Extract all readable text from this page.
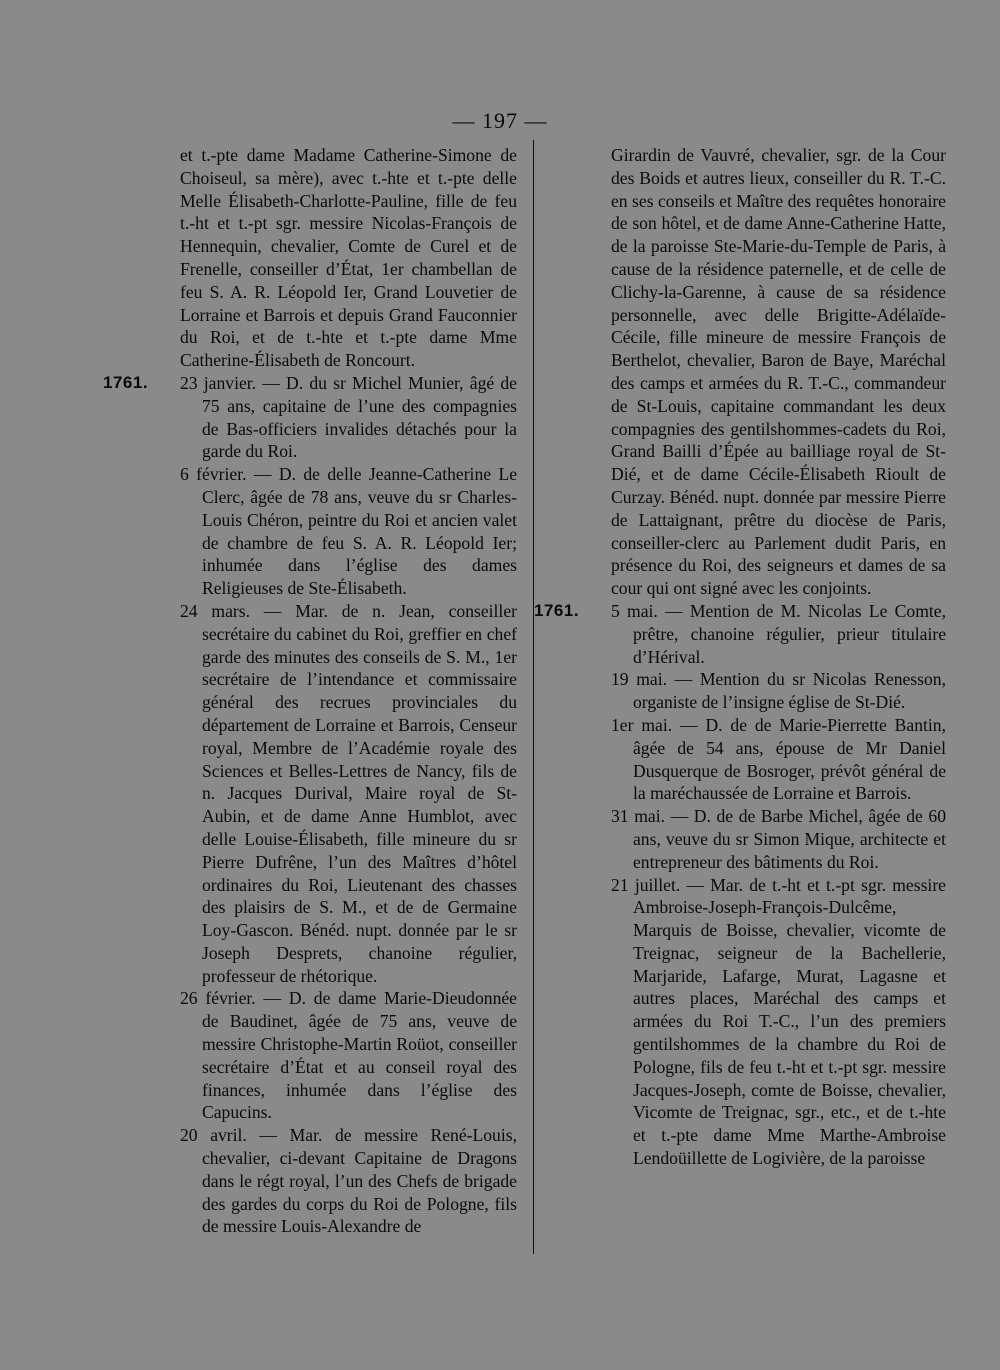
— 197 —

et t.-pte dame Madame Catherine-Simone de Choiseul, sa mère), avec t.-hte et t.-pte delle Melle Élisabeth-Charlotte-Pauline, fille de feu t.-ht et t.-pt sgr. messire Nicolas-François de Hennequin, chevalier, Comte de Curel et de Frenelle, conseiller d’État, 1er chambellan de feu S. A. R. Léopold Ier, Grand Louvetier de Lorraine et Barrois et depuis Grand Fauconnier du Roi, et de t.-hte et t.-pte dame Mme Catherine-Élisabeth de Roncourt.

1761. 23 janvier. — D. du sr Michel Munier, âgé de 75 ans, capitaine de l’une des compagnies de Bas-officiers invalides détachés pour la garde du Roi.

6 février. — D. de delle Jeanne-Catherine Le Clerc, âgée de 78 ans, veuve du sr Charles-Louis Chéron, peintre du Roi et ancien valet de chambre de feu S. A. R. Léopold Ier; inhumée dans l’église des dames Religieuses de Ste-Élisabeth.

24 mars. — Mar. de n. Jean, conseiller secrétaire du cabinet du Roi, greffier en chef garde des minutes des conseils de S. M., 1er secrétaire de l’intendance et commissaire général des recrues provinciales du département de Lorraine et Barrois, Censeur royal, Membre de l’Académie royale des Sciences et Belles-Lettres de Nancy, fils de n. Jacques Durival, Maire royal de St-Aubin, et de dame Anne Humblot, avec delle Louise-Élisabeth, fille mineure du sr Pierre Dufrêne, l’un des Maîtres d’hôtel ordinaires du Roi, Lieutenant des chasses des plaisirs de S. M., et de de Germaine Loy-Gascon. Bénéd. nupt. donnée par le sr Joseph Desprets, chanoine régulier, professeur de rhétorique.

26 février. — D. de dame Marie-Dieudonnée de Baudinet, âgée de 75 ans, veuve de messire Christophe-Martin Roüot, conseiller secrétaire d’État et au conseil royal des finances, inhumée dans l’église des Capucins.

20 avril. — Mar. de messire René-Louis, chevalier, ci-devant Capitaine de Dragons dans le régt royal, l’un des Chefs de brigade des gardes du corps du Roi de Pologne, fils de messire Louis-Alexandre de

Girardin de Vauvré, chevalier, sgr. de la Cour des Boids et autres lieux, conseiller du R. T.-C. en ses conseils et Maître des requêtes honoraire de son hôtel, et de dame Anne-Catherine Hatte, de la paroisse Ste-Marie-du-Temple de Paris, à cause de la résidence paternelle, et de celle de Clichy-la-Garenne, à cause de sa résidence personnelle, avec delle Brigitte-Adélaïde-Cécile, fille mineure de messire François de Berthelot, chevalier, Baron de Baye, Maréchal des camps et armées du R. T.-C., commandeur de St-Louis, capitaine commandant les deux compagnies des gentilshommes-cadets du Roi, Grand Bailli d’Épée au bailliage royal de St-Dié, et de dame Cécile-Élisabeth Rioult de Curzay. Bénéd. nupt. donnée par messire Pierre de Lattaignant, prêtre du diocèse de Paris, conseiller-clerc au Parlement dudit Paris, en présence du Roi, des seigneurs et dames de sa cour qui ont signé avec les conjoints.

1761. 5 mai. — Mention de M. Nicolas Le Comte, prêtre, chanoine régulier, prieur titulaire d’Hérival.

19 mai. — Mention du sr Nicolas Renesson, organiste de l’insigne église de St-Dié.

1er mai. — D. de de Marie-Pierrette Bantin, âgée de 54 ans, épouse de Mr Daniel Dusquerque de Bosroger, prévôt général de la maréchaussée de Lorraine et Barrois.

31 mai. — D. de de Barbe Michel, âgée de 60 ans, veuve du sr Simon Mique, architecte et entrepreneur des bâtiments du Roi.

21 juillet. — Mar. de t.-ht et t.-pt sgr. messire Ambroise-Joseph-François-Dulcême, Marquis de Boisse, chevalier, vicomte de Treignac, seigneur de la Bachellerie, Marjaride, Lafarge, Murat, Lagasne et autres places, Maréchal des camps et armées du Roi T.-C., l’un des premiers gentilshommes de la chambre du Roi de Pologne, fils de feu t.-ht et t.-pt sgr. messire Jacques-Joseph, comte de Boisse, chevalier, Vicomte de Treignac, sgr., etc., et de t.-hte et t.-pte dame Mme Marthe-Ambroise Lendoüillette de Logivière, de la paroisse
